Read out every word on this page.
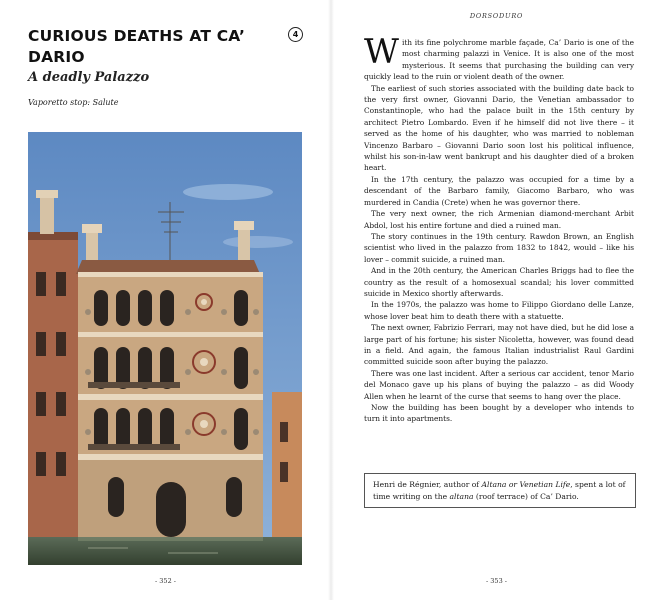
CURIOUS DEATHS AT CA’ DARIO
4
A deadly Palazzo
Vaporetto stop: Salute
- 352 -
DORSODURO
- 353 -

With its fine polychrome marble façade, Ca’ Dario is one of the most charming palazzi in Venice. It is also one of the most mysterious. It seems that purchasing the building can very quickly lead to the ruin or violent death of the owner.

The earliest of such stories associated with the building date back to the very first owner, Giovanni Dario, the Venetian ambassador to Constantinople, who had the palace built in the 15th century by architect Pietro Lombardo. Even if he himself did not live there – it served as the home of his daughter, who was married to nobleman Vincenzo Barbaro – Giovanni Dario soon lost his political influence, whilst his son-in-law went bankrupt and his daughter died of a broken heart.

In the 17th century, the palazzo was occupied for a time by a descendant of the Barbaro family, Giacomo Barbaro, who was murdered in Candia (Crete) when he was governor there.

The very next owner, the rich Armenian diamond-merchant Arbit Abdol, lost his entire fortune and died a ruined man.

The story continues in the 19th century. Rawdon Brown, an English scientist who lived in the palazzo from 1832 to 1842, would – like his lover – commit suicide, a ruined man.

And in the 20th century, the American Charles Briggs had to flee the country as the result of a homosexual scandal; his lover committed suicide in Mexico shortly afterwards.

In the 1970s, the palazzo was home to Filippo Giordano delle Lanze, whose lover beat him to death there with a statuette.

The next owner, Fabrizio Ferrari, may not have died, but he did lose a large part of his fortune; his sister Nicoletta, however, was found dead in a field. And again, the famous Italian industrialist Raul Gardini committed suicide soon after buying the palazzo.

There was one last incident. After a serious car accident, tenor Mario del Monaco gave up his plans of buying the palazzo – as did Woody Allen when he learnt of the curse that seems to hang over the place.

Now the building has been bought by a developer who intends to turn it into apartments.

Henri de Régnier, author of Altana or Venetian Life, spent a lot of time writing on the altana (roof terrace) of Ca’ Dario.
